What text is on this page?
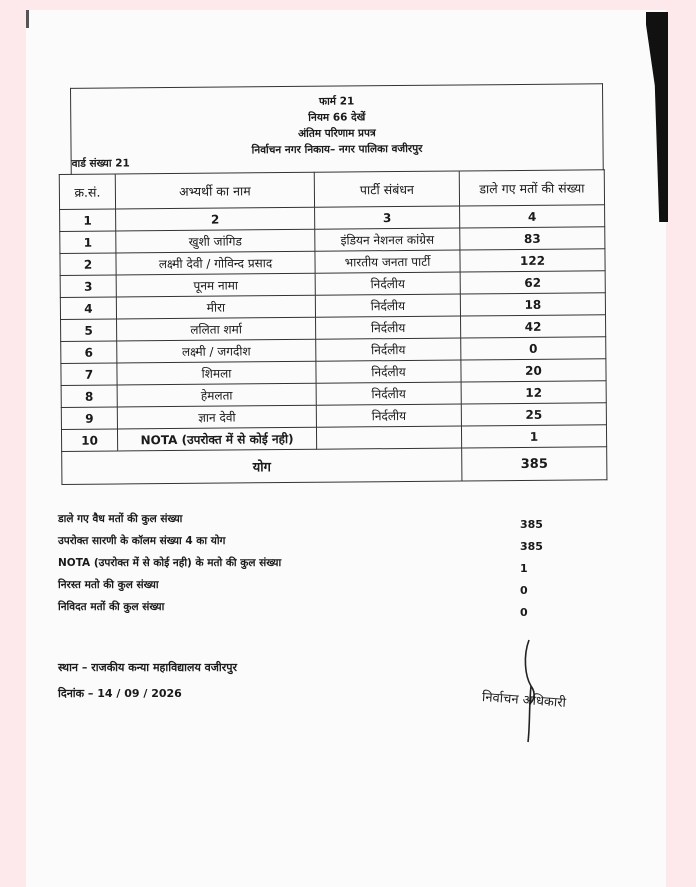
फार्म 21
नियम 66 देखें
अंतिम परिणाम प्रपत्र
निर्वाचन नगर निकाय– नगर पालिका वजीरपुर
वार्ड संख्या 21
क्र.सं.	अभ्यर्थी का नाम	पार्टी संबंधन	डाले गए मतों की संख्या
1	2	3	4
1	खुशी जांगिड	इंडियन नेशनल कांग्रेस	83
2	लक्ष्मी देवी / गोविन्द प्रसाद	भारतीय जनता पार्टी	122
3	पूनम नामा	निर्दलीय	62
4	मीरा	निर्दलीय	18
5	ललिता शर्मा	निर्दलीय	42
6	लक्ष्मी / जगदीश	निर्दलीय	0
7	शिमला	निर्दलीय	20
8	हेमलता	निर्दलीय	12
9	ज्ञान देवी	निर्दलीय	25
10	NOTA (उपरोक्त में से कोई नही)		1
योग			385
डाले गए वैध मतों की कुल संख्या	385
उपरोक्त सारणी के कॉलम संख्या 4 का योग	385
NOTA (उपरोक्त में से कोई नही) के मतो की कुल संख्या	1
निरस्त मतो की कुल संख्या	0
निविदत मतों की कुल संख्या	0
स्थान – राजकीय कन्या महाविद्यालय वजीरपुर
दिनांक – 14 / 09 / 2026	निर्वाचन अधिकारी
